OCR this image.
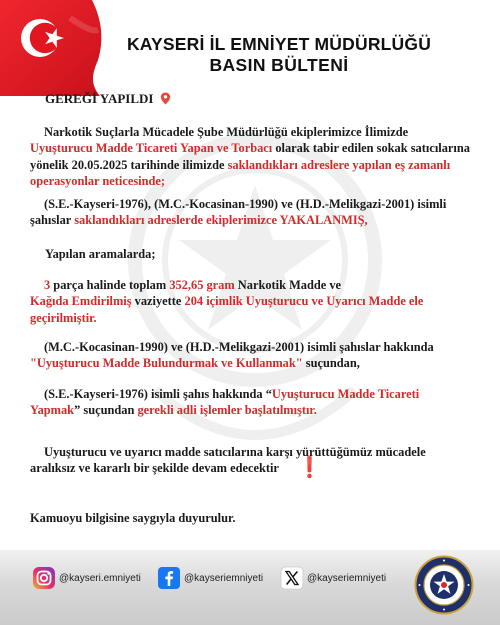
KAYSERİ İL EMNİYET MÜDÜRLÜĞÜ
BASIN BÜLTENİ
GEREĞİ YAPILDI

Narkotik Suçlarla Mücadele Şube Müdürlüğü ekiplerimizce İlimizde Uyuşturucu Madde Ticareti Yapan ve Torbacı olarak tabir edilen sokak satıcılarına yönelik 20.05.2025 tarihinde ilimizde saklandıkları adreslere yapılan eş zamanlı operasyonlar neticesinde;

(S.E.-Kayseri-1976), (M.C.-Kocasinan-1990) ve (H.D.-Melikgazi-2001) isimli şahıslar saklandıkları adreslerde ekiplerimizce YAKALANMIŞ,

Yapılan aramalarda;

3 parça halinde toplam 352,65 gram Narkotik Madde ve
Kağıda Emdirilmiş vaziyette 204 içimlik Uyuşturucu ve Uyarıcı Madde ele geçirilmiştir.

(M.C.-Kocasinan-1990) ve (H.D.-Melikgazi-2001) isimli şahıslar hakkında "Uyuşturucu Madde Bulundurmak ve Kullanmak" suçundan,

(S.E.-Kayseri-1976) isimli şahıs hakkında “Uyuşturucu Madde Ticareti Yapmak” suçundan gerekli adli işlemler başlatılmıştır.

Uyuşturucu ve uyarıcı madde satıcılarına karşı yürüttüğümüz mücadele aralıksız ve kararlı bir şekilde devam edecektir ❗

Kamuoyu bilgisine saygıyla duyurulur.

@kayseri.emniyeti	@kayseriemniyeti	@kayseriemniyeti
